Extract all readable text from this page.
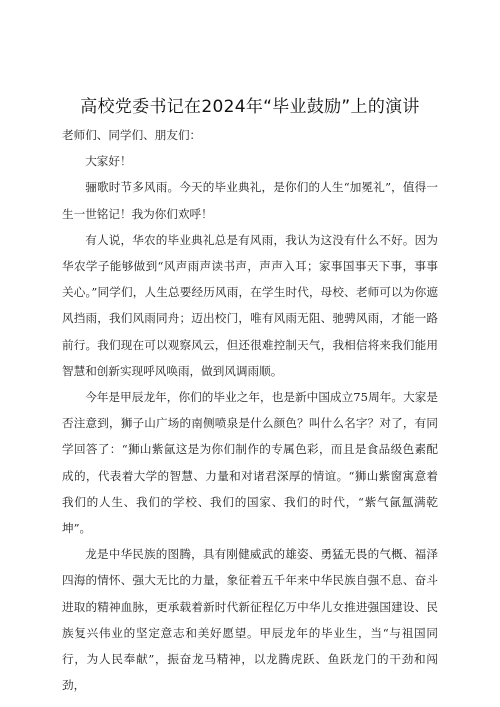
高校党委书记在2024年“毕业鼓励”上的演讲

老师们、同学们、朋友们：

大家好！

骊歌时节多风雨。今天的毕业典礼，是你们的人生“加冕礼”，值得一生一世铭记！我为你们欢呼！

有人说，华农的毕业典礼总是有风雨，我认为这没有什么不好。因为华农学子能够做到“风声雨声读书声，声声入耳；家事国事天下事，事事关心。”同学们，人生总要经历风雨，在学生时代，母校、老师可以为你遮风挡雨，我们风雨同舟；迈出校门，唯有风雨无阻、驰骋风雨，才能一路前行。我们现在可以观察风云，但还很难控制天气，我相信将来我们能用智慧和创新实现呼风唤雨，做到风调雨顺。

今年是甲辰龙年，你们的毕业之年，也是新中国成立75周年。大家是否注意到，狮子山广场的南侧喷泉是什么颜色？叫什么名字？对了，有同学回答了：“狮山紫氤这是为你们制作的专属色彩，而且是食品级色素配成的，代表着大学的智慧、力量和对诸君深厚的情谊。“狮山紫窗寓意着我们的人生、我们的学校、我们的国家、我们的时代，“紫气氤氲满乾坤”。

龙是中华民族的图腾，具有刚健威武的雄姿、勇猛无畏的气概、福泽四海的情怀、强大无比的力量，象征着五千年来中华民族自强不息、奋斗进取的精神血脉，更承载着新时代新征程亿万中华儿女推进强国建设、民族复兴伟业的坚定意志和美好愿望。甲辰龙年的毕业生，当“与祖国同行，为人民奉献”，振奋龙马精神，以龙腾虎跃、鱼跃龙门的干劲和闯劲，
